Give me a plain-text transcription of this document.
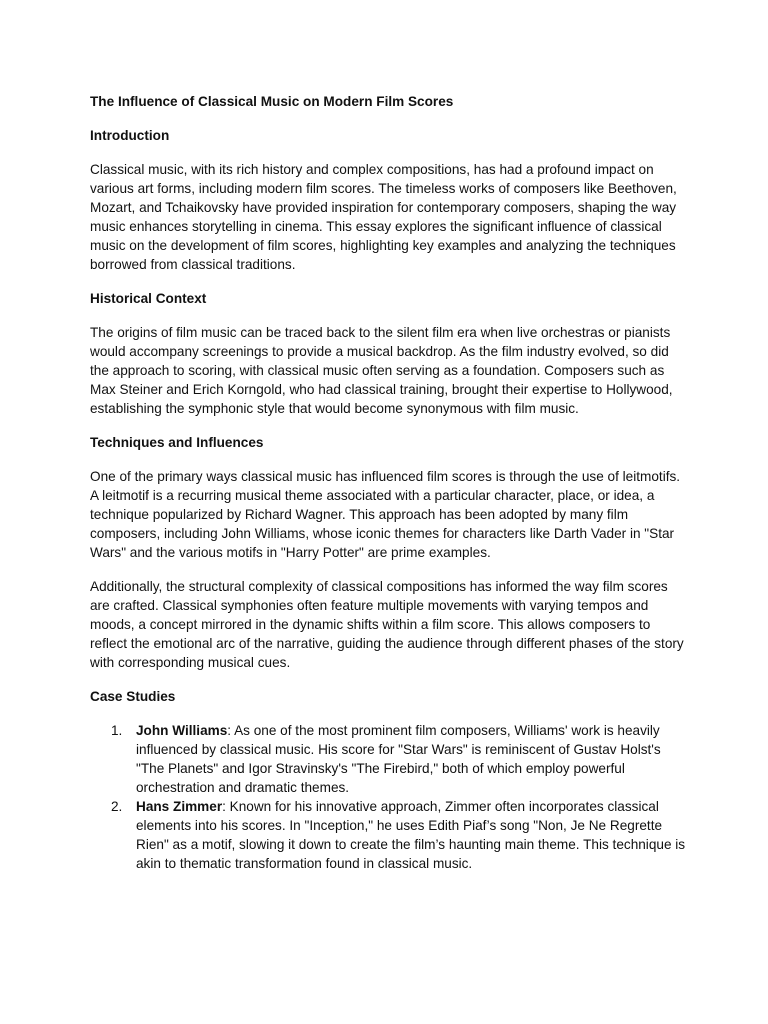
The Influence of Classical Music on Modern Film Scores

Introduction

Classical music, with its rich history and complex compositions, has had a profound impact on various art forms, including modern film scores. The timeless works of composers like Beethoven, Mozart, and Tchaikovsky have provided inspiration for contemporary composers, shaping the way music enhances storytelling in cinema. This essay explores the significant influence of classical music on the development of film scores, highlighting key examples and analyzing the techniques borrowed from classical traditions.

Historical Context

The origins of film music can be traced back to the silent film era when live orchestras or pianists would accompany screenings to provide a musical backdrop. As the film industry evolved, so did the approach to scoring, with classical music often serving as a foundation. Composers such as Max Steiner and Erich Korngold, who had classical training, brought their expertise to Hollywood, establishing the symphonic style that would become synonymous with film music.

Techniques and Influences

One of the primary ways classical music has influenced film scores is through the use of leitmotifs. A leitmotif is a recurring musical theme associated with a particular character, place, or idea, a technique popularized by Richard Wagner. This approach has been adopted by many film composers, including John Williams, whose iconic themes for characters like Darth Vader in "Star Wars" and the various motifs in "Harry Potter" are prime examples.

Additionally, the structural complexity of classical compositions has informed the way film scores are crafted. Classical symphonies often feature multiple movements with varying tempos and moods, a concept mirrored in the dynamic shifts within a film score. This allows composers to reflect the emotional arc of the narrative, guiding the audience through different phases of the story with corresponding musical cues.

Case Studies

1. John Williams: As one of the most prominent film composers, Williams' work is heavily influenced by classical music. His score for "Star Wars" is reminiscent of Gustav Holst's "The Planets" and Igor Stravinsky's "The Firebird," both of which employ powerful orchestration and dramatic themes.
2. Hans Zimmer: Known for his innovative approach, Zimmer often incorporates classical elements into his scores. In "Inception," he uses Edith Piaf’s song "Non, Je Ne Regrette Rien" as a motif, slowing it down to create the film’s haunting main theme. This technique is akin to thematic transformation found in classical music.
